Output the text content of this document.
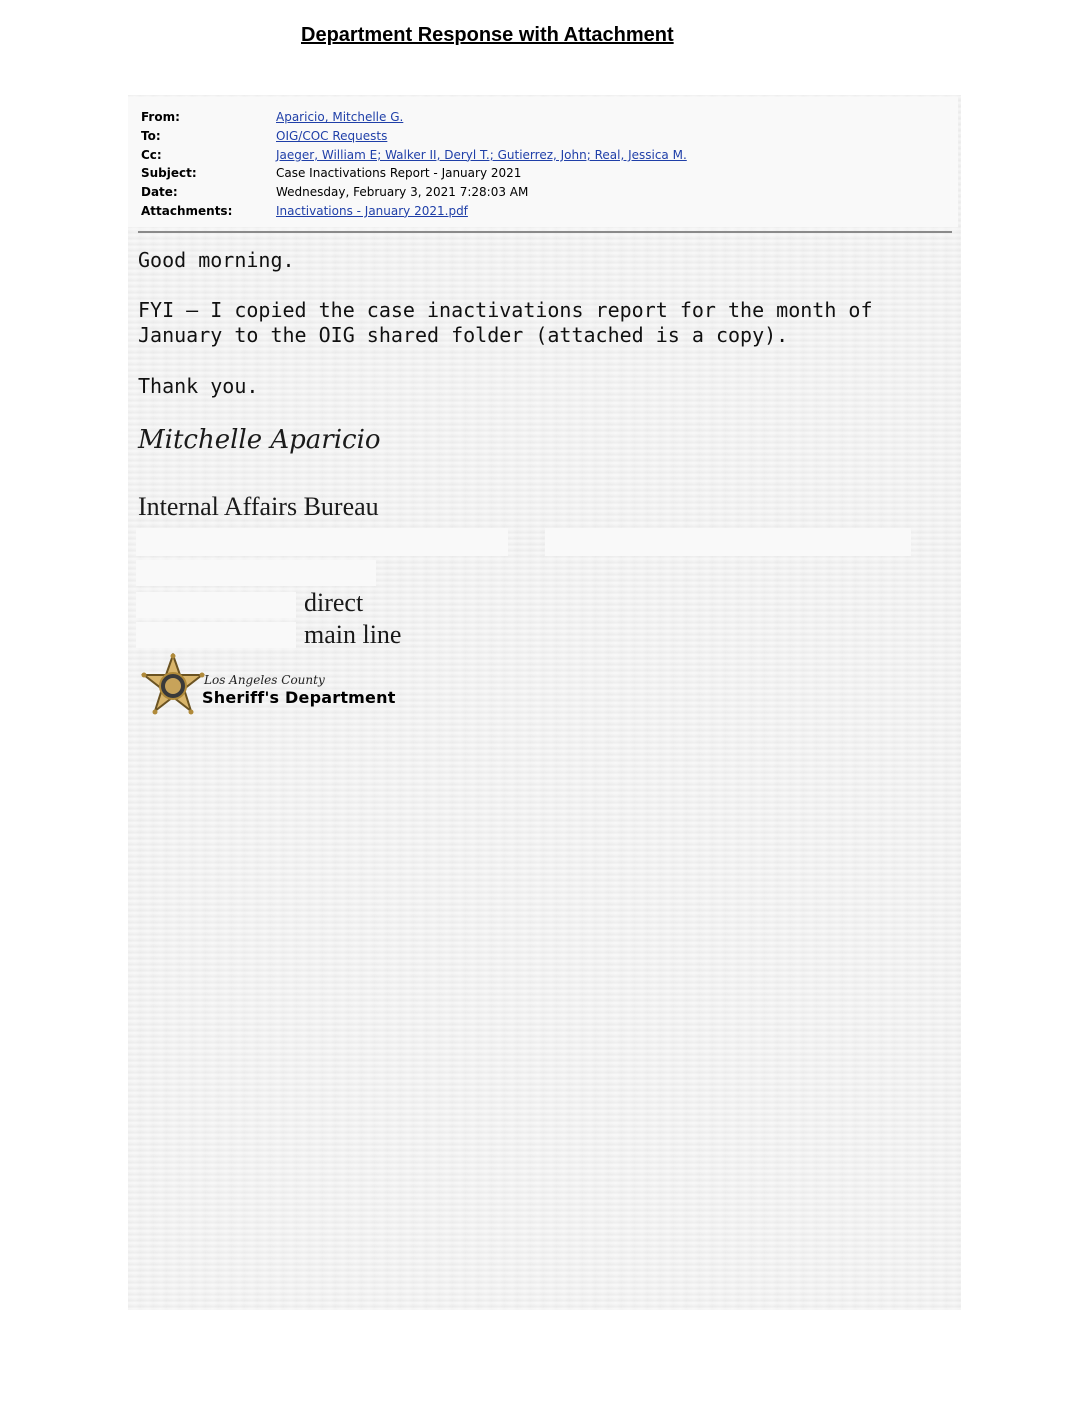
Department Response with Attachment
From:	Aparicio, Mitchelle G.
To:	OIG/COC Requests
Cc:	Jaeger, William E; Walker II, Deryl T.; Gutierrez, John; Real, Jessica M.
Subject:	Case Inactivations Report - January 2021
Date:	Wednesday, February 3, 2021 7:28:03 AM
Attachments:	Inactivations - January 2021.pdf
Good morning.
FYI – I copied the case inactivations report for the month of January to the OIG shared folder (attached is a copy).
Thank you.
Mitchelle Aparicio
Internal Affairs Bureau
direct
main line
Los Angeles County
Sheriff's Department
